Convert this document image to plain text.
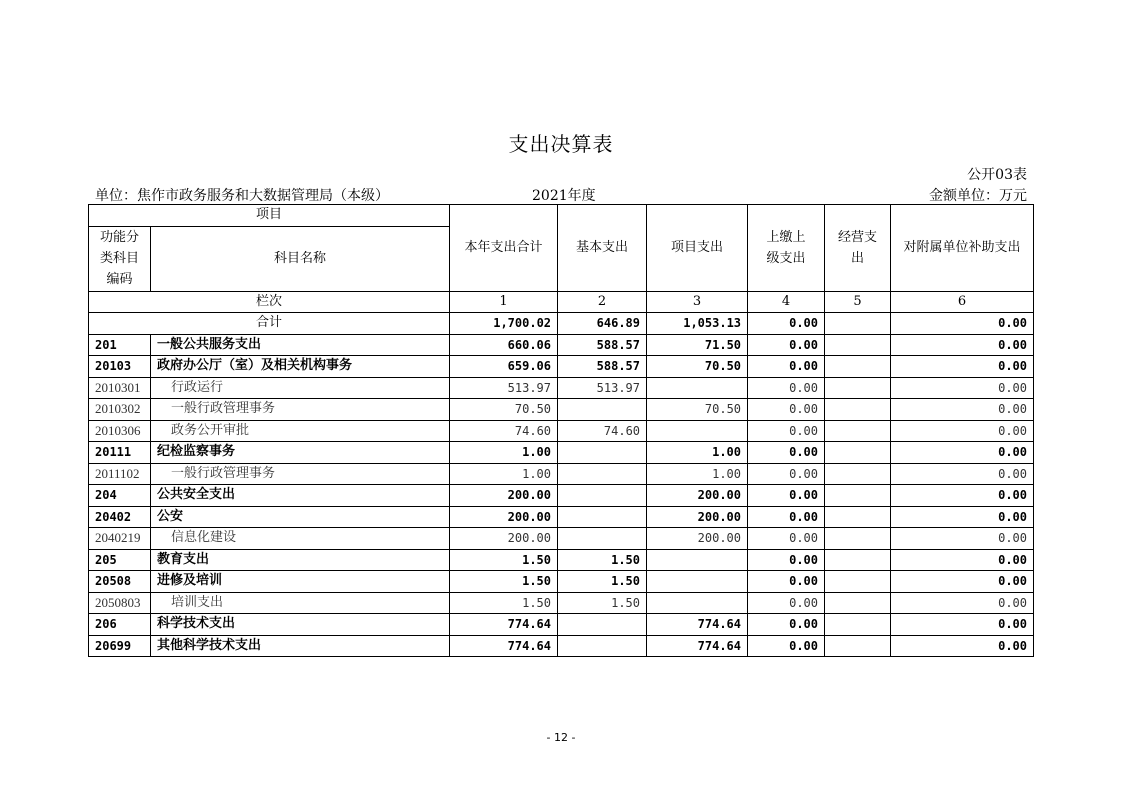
支出决算表
公开03表
单位：焦作市政务服务和大数据管理局（本级）	2021年度	金额单位：万元
项目		本年支出合计	基本支出	项目支出	上缴上级支出	经营支出	对附属单位补助支出
功能分类科目编码	科目名称						
栏次		1	2	3	4	5	6
合计		1,700.02	646.89	1,053.13	0.00		0.00
201	一般公共服务支出	660.06	588.57	71.50	0.00		0.00
20103	政府办公厅（室）及相关机构事务	659.06	588.57	70.50	0.00		0.00
2010301	行政运行	513.97	513.97		0.00		0.00
2010302	一般行政管理事务	70.50		70.50	0.00		0.00
2010306	政务公开审批	74.60	74.60		0.00		0.00
20111	纪检监察事务	1.00		1.00	0.00		0.00
2011102	一般行政管理事务	1.00		1.00	0.00		0.00
204	公共安全支出	200.00		200.00	0.00		0.00
20402	公安	200.00		200.00	0.00		0.00
2040219	信息化建设	200.00		200.00	0.00		0.00
205	教育支出	1.50	1.50		0.00		0.00
20508	进修及培训	1.50	1.50		0.00		0.00
2050803	培训支出	1.50	1.50		0.00		0.00
206	科学技术支出	774.64		774.64	0.00		0.00
20699	其他科学技术支出	774.64		774.64	0.00		0.00
- 12 -
